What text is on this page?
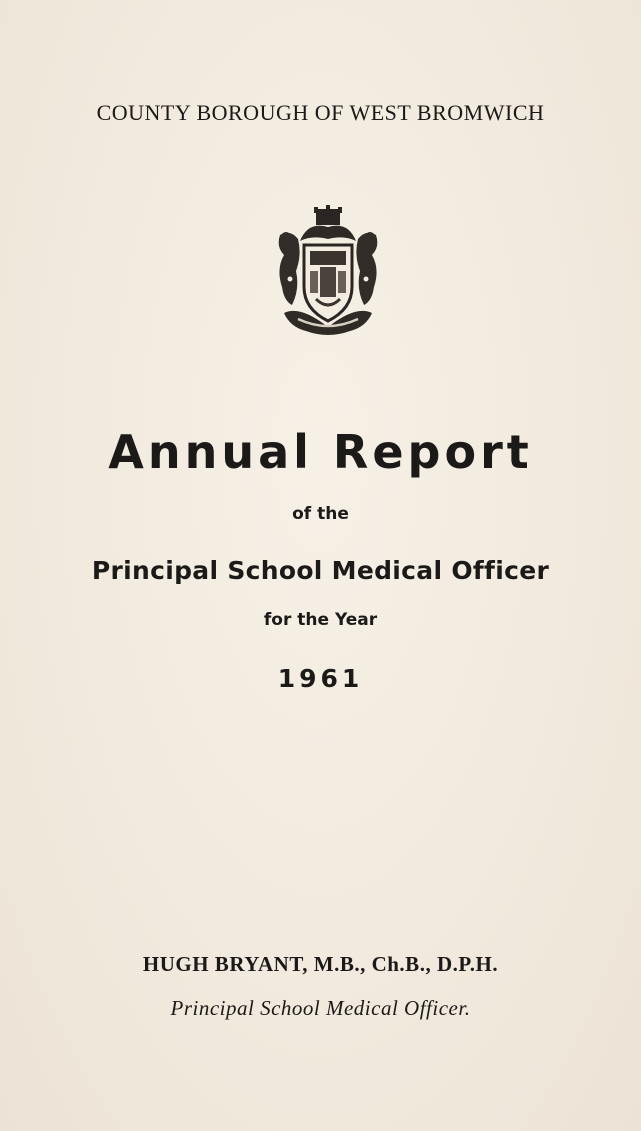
COUNTY BOROUGH OF WEST BROMWICH
Annual Report
of the
Principal School Medical Officer
for the Year
1961
HUGH BRYANT, M.B., Ch.B., D.P.H.
Principal School Medical Officer.
